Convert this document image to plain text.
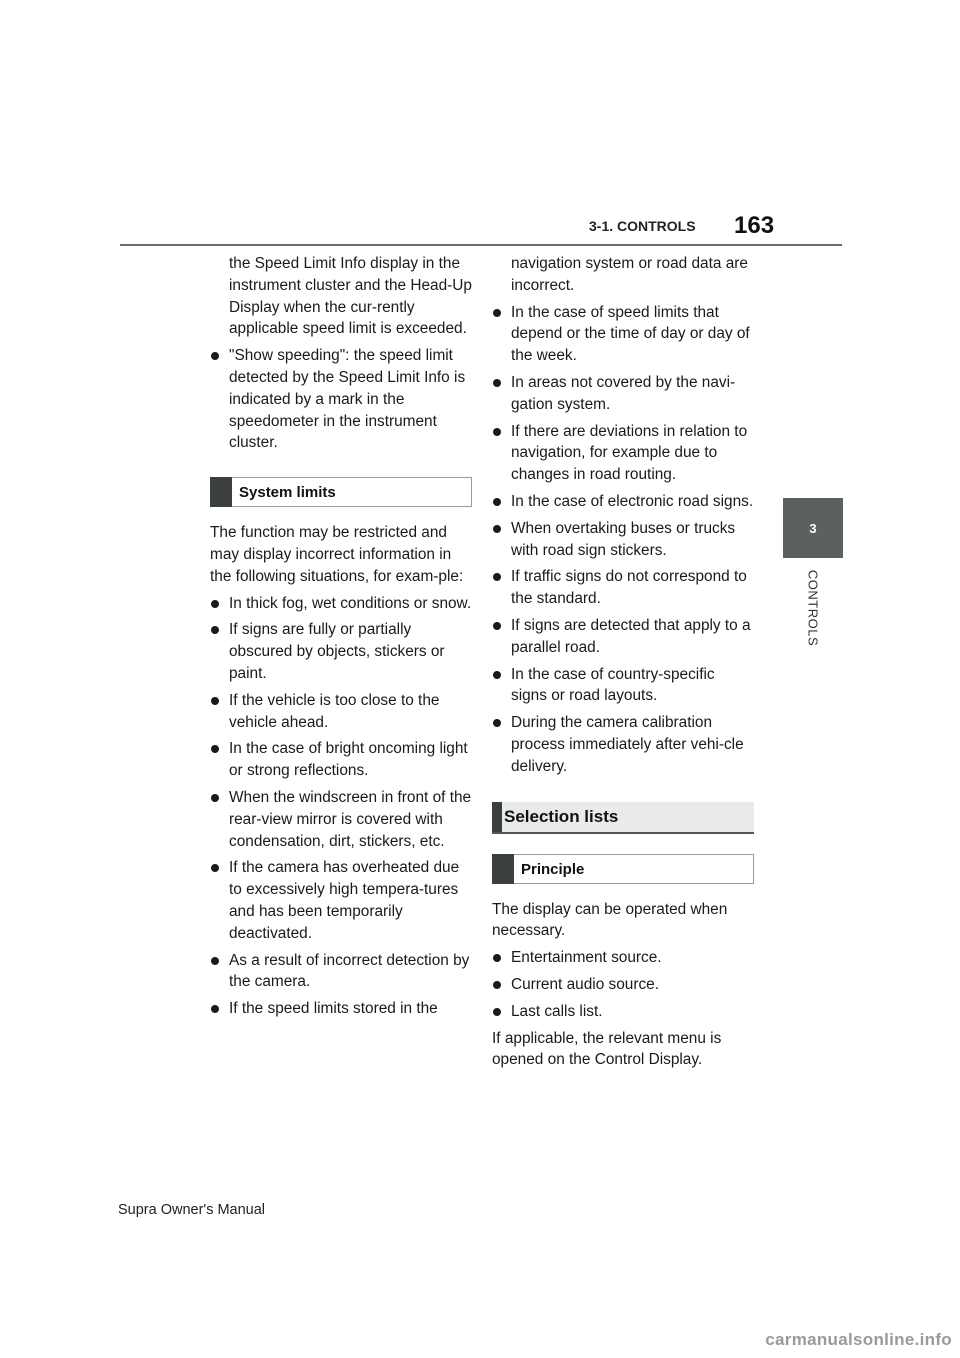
3-1. CONTROLS 163
3
CONTROLS
the Speed Limit Info display in the instrument cluster and the Head-Up Display when the cur-rently applicable speed limit is exceeded.
"Show speeding": the speed limit detected by the Speed Limit Info is indicated by a mark in the speedometer in the instrument cluster.
System limits
The function may be restricted and may display incorrect information in the following situations, for exam-ple:
In thick fog, wet conditions or snow.
If signs are fully or partially obscured by objects, stickers or paint.
If the vehicle is too close to the vehicle ahead.
In the case of bright oncoming light or strong reflections.
When the windscreen in front of the rear-view mirror is covered with condensation, dirt, stickers, etc.
If the camera has overheated due to excessively high tempera-tures and has been temporarily deactivated.
As a result of incorrect detection by the camera.
If the speed limits stored in the
navigation system or road data are incorrect.
In the case of speed limits that depend or the time of day or day of the week.
In areas not covered by the navi-gation system.
If there are deviations in relation to navigation, for example due to changes in road routing.
In the case of electronic road signs.
When overtaking buses or trucks with road sign stickers.
If traffic signs do not correspond to the standard.
If signs are detected that apply to a parallel road.
In the case of country-specific signs or road layouts.
During the camera calibration process immediately after vehi-cle delivery.
Selection lists
Principle
The display can be operated when necessary.
Entertainment source.
Current audio source.
Last calls list.
If applicable, the relevant menu is opened on the Control Display.
Supra Owner's Manual
carmanualsonline.info
